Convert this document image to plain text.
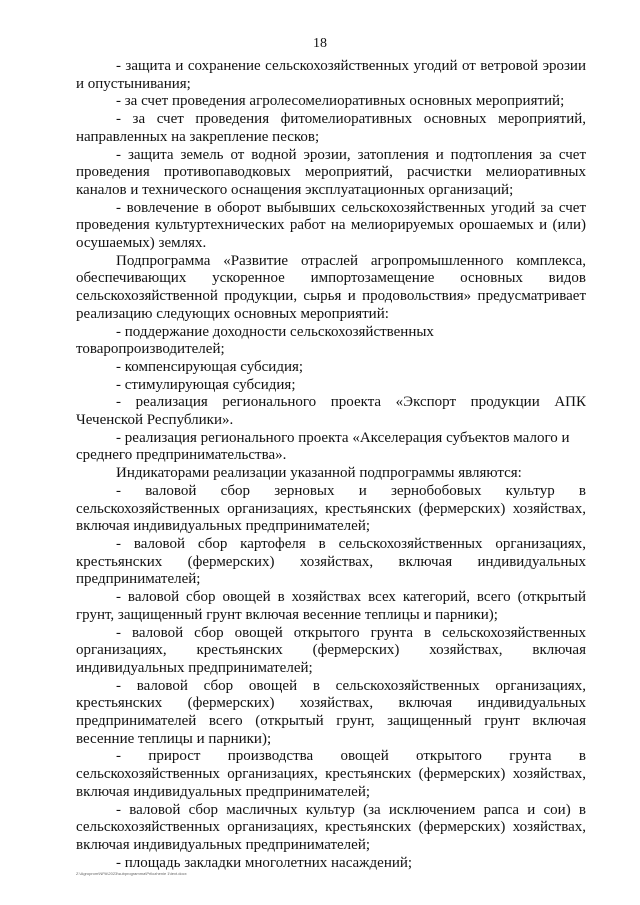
18

- защита и сохранение сельскохозяйственных угодий от ветровой эрозии и опустынивания;

- за счет проведения агролесомелиоративных основных мероприятий;

- за счет проведения фитомелиоративных основных мероприятий, направленных на закрепление песков;

- защита земель от водной эрозии, затопления и подтопления за счет проведения противопаводковых мероприятий, расчистки мелиоративных каналов и технического оснащения эксплуатационных организаций;

- вовлечение в оборот выбывших сельскохозяйственных угодий за счет проведения культуртехнических работ на мелиорируемых орошаемых и (или) осушаемых) землях.

Подпрограмма «Развитие отраслей агропромышленного комплекса, обеспечивающих ускоренное импортозамещение основных видов сельскохозяйственной продукции, сырья и продовольствия» предусматривает реализацию следующих основных мероприятий:

- поддержание доходности сельскохозяйственных товаропроизводителей;

- компенсирующая субсидия;

- стимулирующая субсидия;

- реализация регионального проекта «Экспорт продукции АПК Чеченской Республики».

- реализация регионального проекта «Акселерация субъектов малого и среднего предпринимательства».

Индикаторами реализации указанной подпрограммы являются:

- валовой сбор зерновых и зернобобовых культур в сельскохозяйственных организациях, крестьянских (фермерских) хозяйствах, включая индивидуальных предпринимателей;

- валовой сбор картофеля в сельскохозяйственных организациях, крестьянских (фермерских) хозяйствах, включая индивидуальных предпринимателей;

- валовой сбор овощей в хозяйствах всех категорий, всего (открытый грунт, защищенный грунт включая весенние теплицы и парники);

- валовой сбор овощей открытого грунта в сельскохозяйственных организациях, крестьянских (фермерских) хозяйствах, включая индивидуальных предпринимателей;

- валовой сбор овощей в сельскохозяйственных организациях, крестьянских (фермерских) хозяйствах, включая индивидуальных предпринимателей всего (открытый грунт, защищенный грунт включая весенние теплицы и парники);

- прирост производства овощей открытого грунта в сельскохозяйственных организациях, крестьянских (фермерских) хозяйствах, включая индивидуальных предпринимателей;

- валовой сбор масличных культур (за исключением рапса и сои) в сельскохозяйственных организациях, крестьянских (фермерских) хозяйствах, включая индивидуальных предпринимателей;

- площадь закладки многолетних насаждений;

Z:\Agroprom\NPA\2023\subprogramma\Prilozhenie 1\text.docx
